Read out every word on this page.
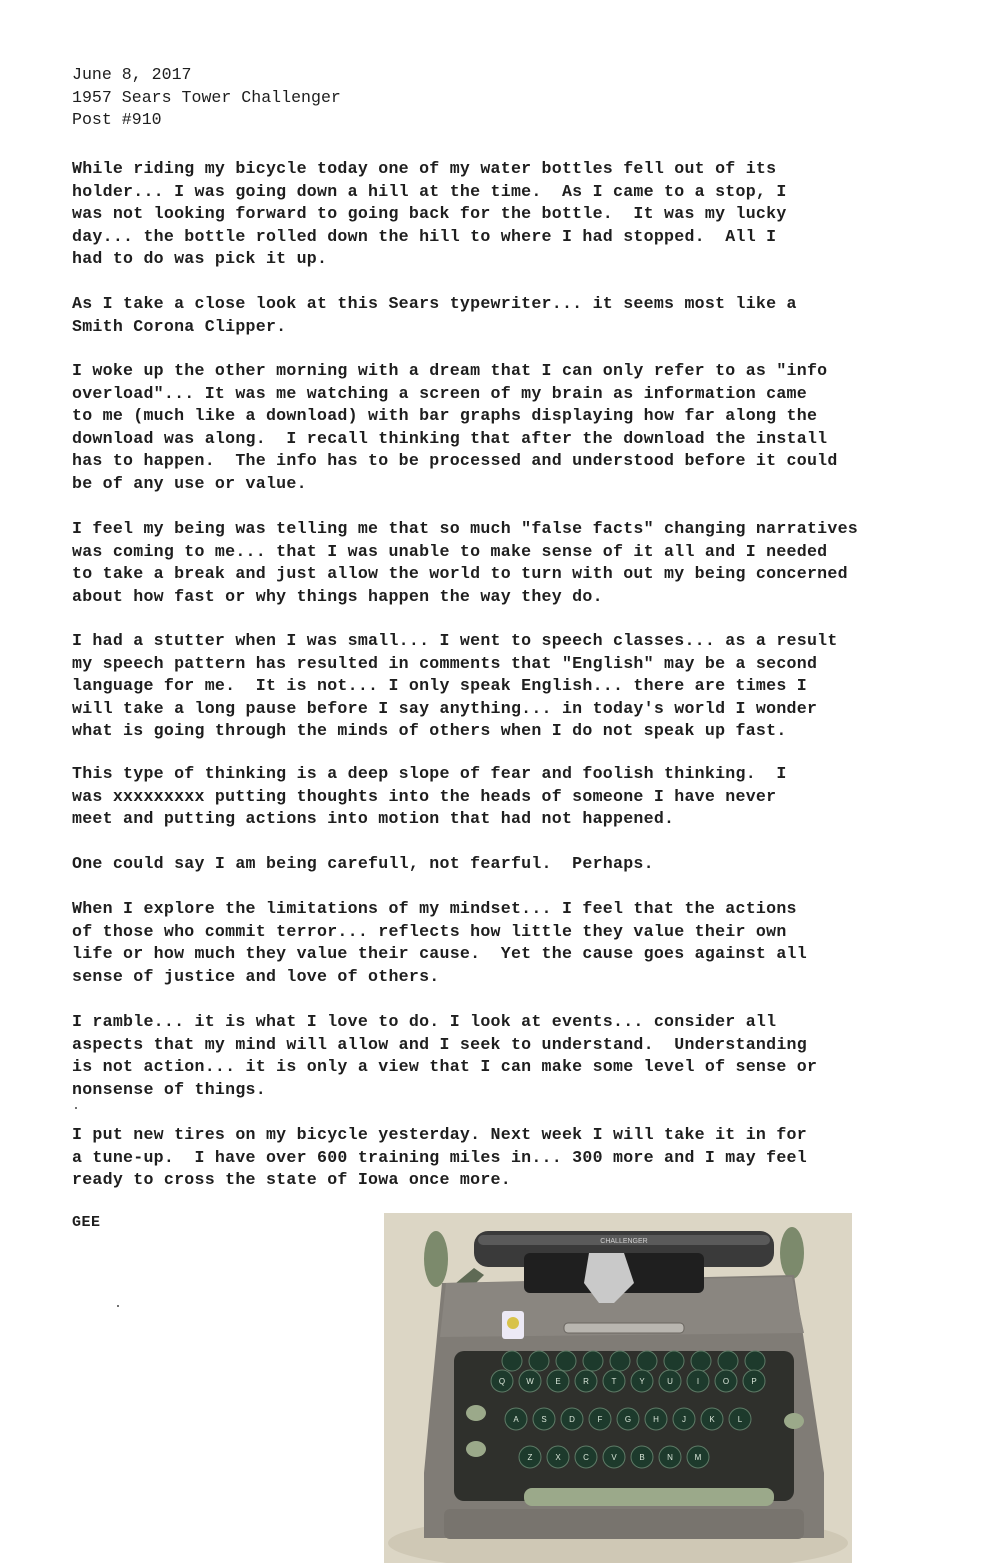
June 8, 2017
1957 Sears Tower Challenger
Post #910
While riding my bicycle today one of my water bottles fell out of its
holder... I was going down a hill at the time.  As I came to a stop, I
was not looking forward to going back for the bottle.  It was my lucky
day... the bottle rolled down the hill to where I had stopped.  All I
had to do was pick it up.
As I take a close look at this Sears typewriter... it seems most like a
Smith Corona Clipper.
I woke up the other morning with a dream that I can only refer to as "info
overload"... It was me watching a screen of my brain as information came
to me (much like a download) with bar graphs displaying how far along the
download was along.  I recall thinking that after the download the install
has to happen.  The info has to be processed and understood before it could
be of any use or value.
I feel my being was telling me that so much "false facts" changing narratives
was coming to me... that I was unable to make sense of it all and I needed
to take a break and just allow the world to turn with out my being concerned
about how fast or why things happen the way they do.
I had a stutter when I was small... I went to speech classes... as a result
my speech pattern has resulted in comments that "English" may be a second
language for me.  It is not... I only speak English... there are times I
will take a long pause before I say anything... in today's world I wonder
what is going through the minds of others when I do not speak up fast.
This type of thinking is a deep slope of fear and foolish thinking.  I
was xxxxxxxxx putting thoughts into the heads of someone I have never
meet and putting actions into motion that had not happened.
One could say I am being carefull, not fearful.  Perhaps.
When I explore the limitations of my mindset... I feel that the actions
of those who commit terror... reflects how little they value their own
life or how much they value their cause.  Yet the cause goes against all
sense of justice and love of others.
I ramble... it is what I love to do. I look at events... consider all
aspects that my mind will allow and I seek to understand.  Understanding
is not action... it is only a view that I can make some level of sense or
nonsense of things.
I put new tires on my bicycle yesterday. Next week I will take it in for
a tune-up.  I have over 600 training miles in... 300 more and I may feel
ready to cross the state of Iowa once more.
GEE
CHALLENGER
Q	W	E	R	T	Y	U	I	O	P
A	S	D	F	G	H	J	K	L
Z	X	C	V	B	N	M
